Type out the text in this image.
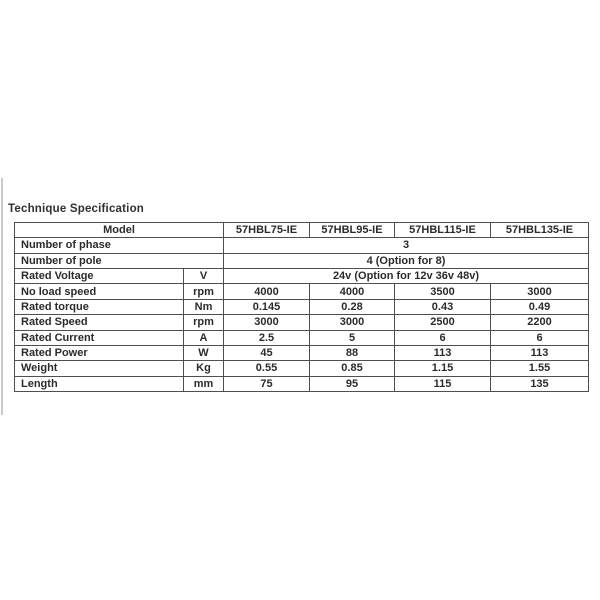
Technique Specification
Model		57HBL75-IE	57HBL95-IE	57HBL115-IE	57HBL135-IE
Number of phase		3			
Number of pole		4 (Option for 8)			
Rated Voltage	V	24v (Option for 12v 36v 48v)			
No load speed	rpm	4000	4000	3500	3000
Rated torque	Nm	0.145	0.28	0.43	0.49
Rated Speed	rpm	3000	3000	2500	2200
Rated Current	A	2.5	5	6	6
Rated Power	W	45	88	113	113
Weight	Kg	0.55	0.85	1.15	1.55
Length	mm	75	95	115	135
